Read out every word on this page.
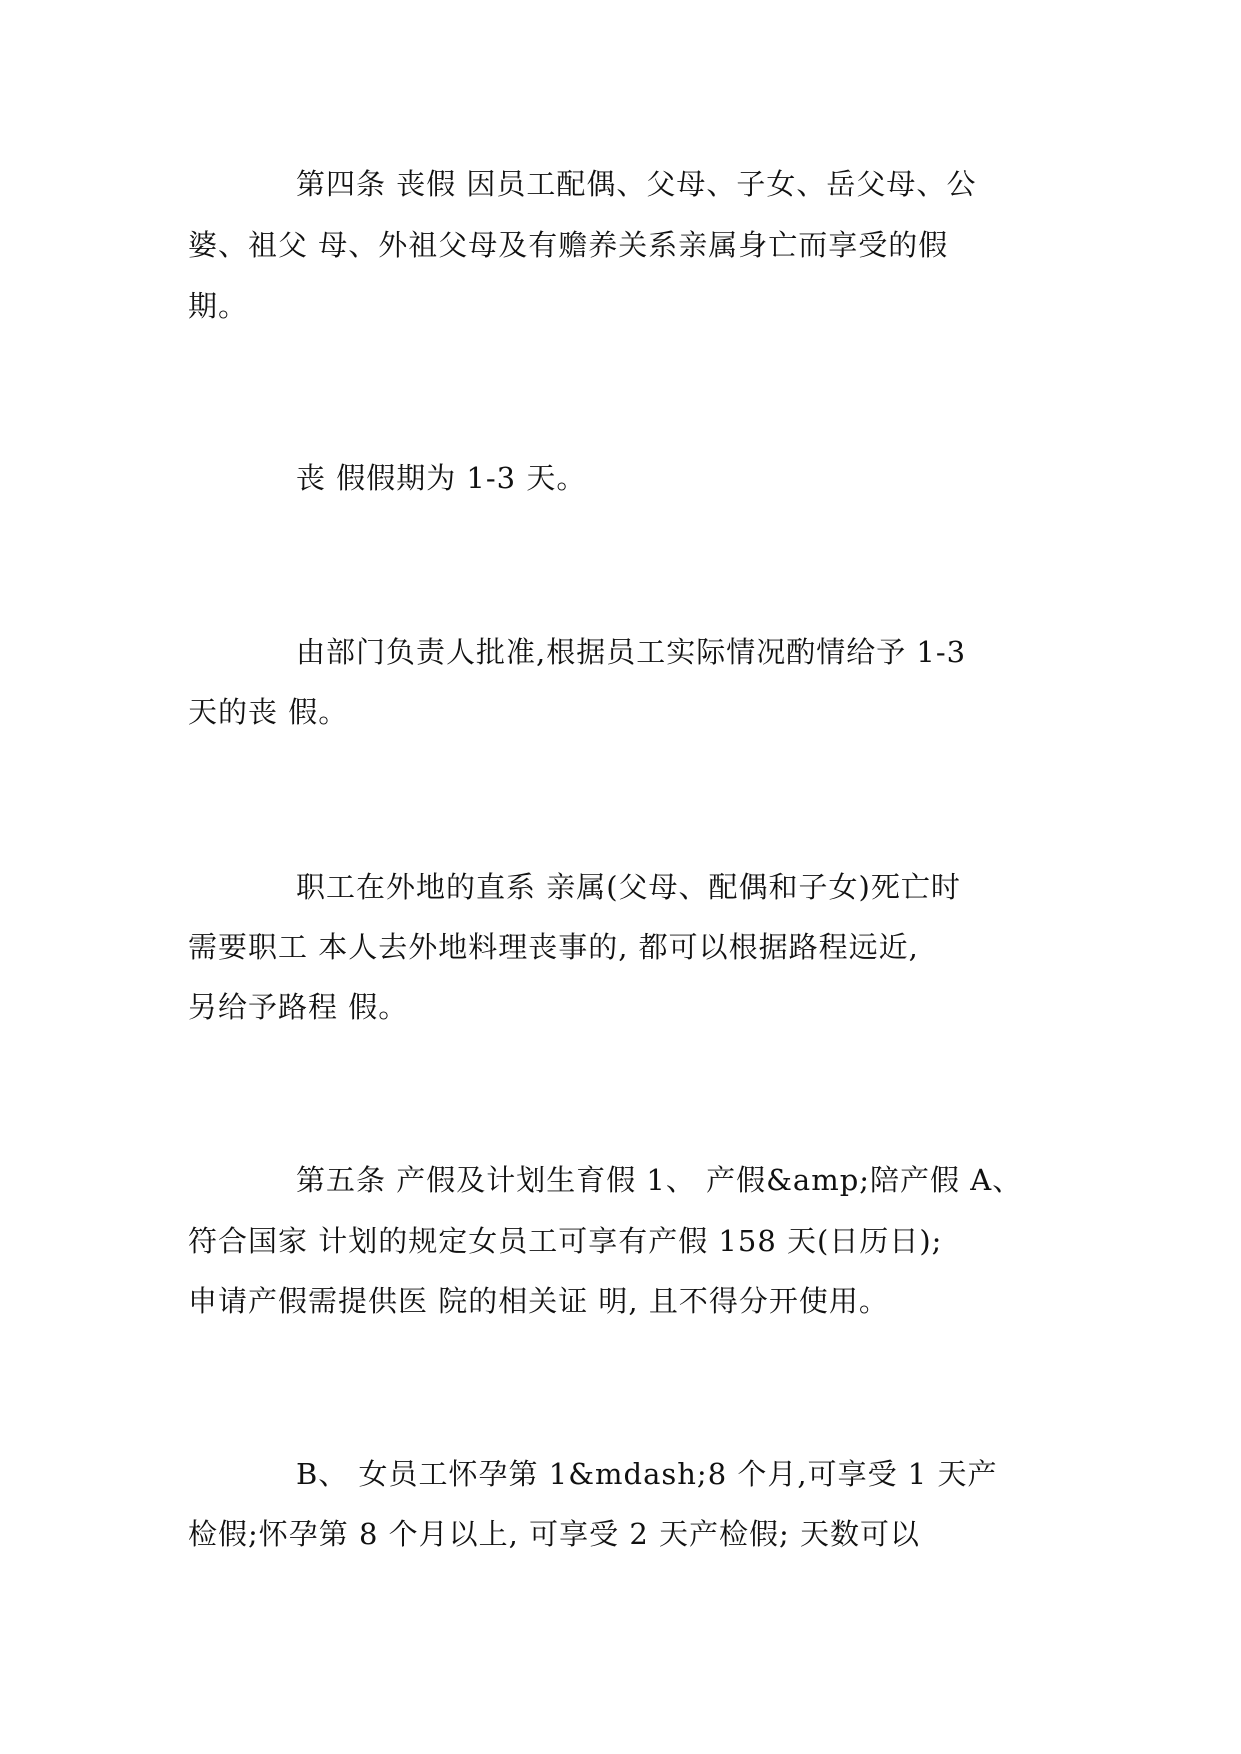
第四条 丧假 因员工配偶、父母、子女、岳父母、公
婆、祖父 母、外祖父母及有赡养关系亲属身亡而享受的假
期。
丧 假假期为 1-3 天。
由部门负责人批准,根据员工实际情况酌情给予 1-3
天的丧 假。
职工在外地的直系 亲属(父母、配偶和子女)死亡时
需要职工 本人去外地料理丧事的, 都可以根据路程远近,
另给予路程 假。
第五条 产假及计划生育假 1、 产假&amp;陪产假 A、
符合国家 计划的规定女员工可享有产假 158 天(日历日);
申请产假需提供医 院的相关证 明, 且不得分开使用。
B、 女员工怀孕第 1&mdash;8 个月,可享受 1 天产
检假;怀孕第 8 个月以上, 可享受 2 天产检假; 天数可以
